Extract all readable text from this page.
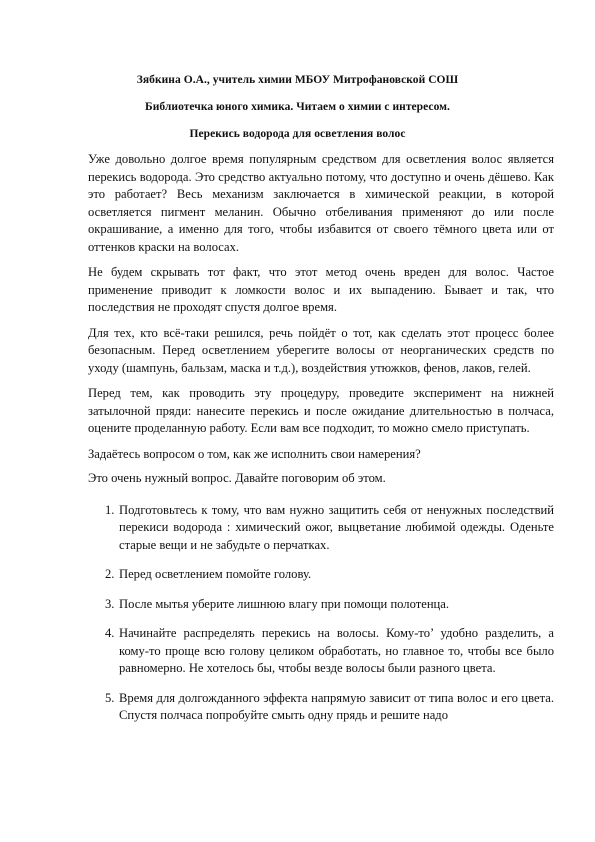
Зябкина О.А., учитель химии МБОУ Митрофановской СОШ
Библиотечка юного химика. Читаем о химии с интересом.
Перекись водорода для осветления волос

Уже довольно долгое время популярным средством для осветления волос является перекись водорода. Это средство актуально потому, что доступно и очень дёшево. Как это работает? Весь механизм заключается в химической реакции, в которой осветляется пигмент меланин. Обычно отбеливания применяют до или после окрашивание, а именно для того, чтобы избавится от своего тёмного цвета или от оттенков краски на волосах.

Не будем скрывать тот факт, что этот метод очень вреден для волос. Частое применение приводит к ломкости волос и их выпадению. Бывает и так, что последствия не проходят спустя долгое время.

Для тех, кто всё-таки решился, речь пойдёт о тот, как сделать этот процесс более безопасным. Перед осветлением уберегите волосы от неорганических средств по уходу (шампунь, бальзам, маска и т.д.), воздействия утюжков, фенов, лаков, гелей.

Перед тем, как проводить эту процедуру, проведите эксперимент на нижней затылочной пряди: нанесите перекись и после ожидание длительностью в полчаса, оцените проделанную работу. Если вам все подходит, то можно смело приступать.

Задаётесь вопросом о том, как же исполнить свои намерения?

Это очень нужный вопрос. Давайте поговорим об этом.

1. Подготовьтесь к тому, что вам нужно защитить себя от ненужных последствий перекиси водорода : химический ожог, выцветание любимой одежды. Оденьте старые вещи и не забудьте о перчатках.
2. Перед осветлением помойте голову.
3. После мытья уберите лишнюю влагу при помощи полотенца.
4. Начинайте распределять перекись на волосы. Кому-то’ удобно разделить, а кому-то проще всю голову целиком обработать, но главное то, чтобы все было равномерно. Не хотелось бы, чтобы везде волосы были разного цвета.
5. Время для долгожданного эффекта напрямую зависит от типа волос и его цвета. Спустя полчаса попробуйте смыть одну прядь и решите надо
